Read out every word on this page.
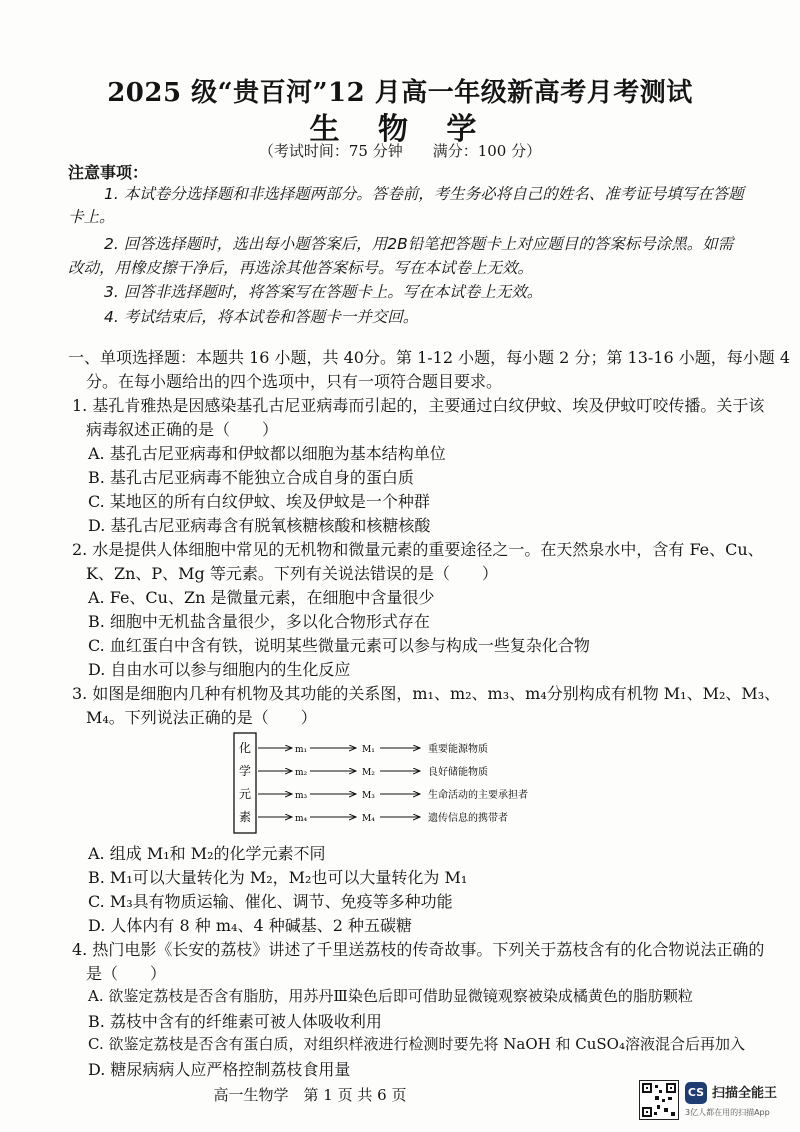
2025 级“贵百河”12 月高一年级新高考月考测试
生 物 学
（考试时间：75 分钟　　满分：100 分）
注意事项：
1. 本试卷分选择题和非选择题两部分。答卷前，考生务必将自己的姓名、准考证号填写在答题
卡上。
2. 回答选择题时，选出每小题答案后，用2B铅笔把答题卡上对应题目的答案标号涂黑。如需
改动，用橡皮擦干净后，再选涂其他答案标号。写在本试卷上无效。
3. 回答非选择题时，将答案写在答题卡上。写在本试卷上无效。
4. 考试结束后，将本试卷和答题卡一并交回。
一、单项选择题：本题共 16 小题，共 40分。第 1-12 小题，每小题 2 分；第 13-16 小题，每小题 4
分。在每小题给出的四个选项中，只有一项符合题目要求。
1. 基孔肯雅热是因感染基孔古尼亚病毒而引起的，主要通过白纹伊蚊、埃及伊蚊叮咬传播。关于该
病毒叙述正确的是（　　）
A. 基孔古尼亚病毒和伊蚊都以细胞为基本结构单位
B. 基孔古尼亚病毒不能独立合成自身的蛋白质
C. 某地区的所有白纹伊蚊、埃及伊蚊是一个种群
D. 基孔古尼亚病毒含有脱氧核糖核酸和核糖核酸
2. 水是提供人体细胞中常见的无机物和微量元素的重要途径之一。在天然泉水中，含有 Fe、Cu、
K、Zn、P、Mg 等元素。下列有关说法错误的是（　　）
A. Fe、Cu、Zn 是微量元素，在细胞中含量很少
B. 细胞中无机盐含量很少，多以化合物形式存在
C. 血红蛋白中含有铁，说明某些微量元素可以参与构成一些复杂化合物
D. 自由水可以参与细胞内的生化反应
3. 如图是细胞内几种有机物及其功能的关系图，m₁、m₂、m₃、m₄分别构成有机物 M₁、M₂、M₃、
M₄。下列说法正确的是（　　）
化
学
元
素
m₁	M₁	重要能源物质
m₂	M₂	良好储能物质
m₃	M₃	生命活动的主要承担者
m₄	M₄	遗传信息的携带者
A. 组成 M₁和 M₂的化学元素不同
B. M₁可以大量转化为 M₂，M₂也可以大量转化为 M₁
C. M₃具有物质运输、催化、调节、免疫等多种功能
D. 人体内有 8 种 m₄、4 种碱基、2 种五碳糖
4. 热门电影《长安的荔枝》讲述了千里送荔枝的传奇故事。下列关于荔枝含有的化合物说法正确的
是（　　）
A. 欲鉴定荔枝是否含有脂肪，用苏丹Ⅲ染色后即可借助显微镜观察被染成橘黄色的脂肪颗粒
B. 荔枝中含有的纤维素可被人体吸收利用
C. 欲鉴定荔枝是否含有蛋白质，对组织样液进行检测时要先将 NaOH 和 CuSO₄溶液混合后再加入
D. 糖尿病病人应严格控制荔枝食用量
高一生物学　第 1 页 共 6 页	CS 扫描全能王
3亿人都在用的扫描App
